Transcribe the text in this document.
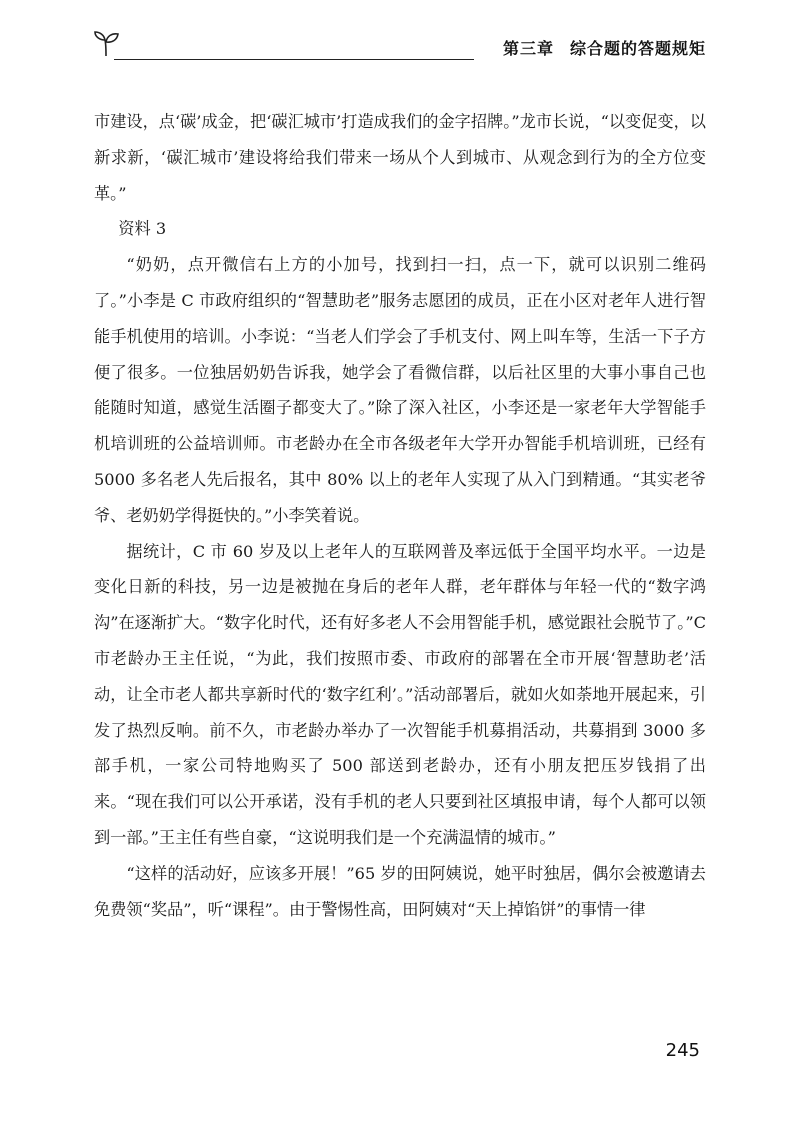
第三章 综合题的答题规矩

市建设，点‘碳’成金，把‘碳汇城市’打造成我们的金字招牌。”龙市长说，“以变促变，以新求新，‘碳汇城市’建设将给我们带来一场从个人到城市、从观念到行为的全方位变革。”

资料 3

“奶奶，点开微信右上方的小加号，找到扫一扫，点一下，就可以识别二维码了。”小李是 C 市政府组织的“智慧助老”服务志愿团的成员，正在小区对老年人进行智能手机使用的培训。小李说：“当老人们学会了手机支付、网上叫车等，生活一下子方便了很多。一位独居奶奶告诉我，她学会了看微信群，以后社区里的大事小事自己也能随时知道，感觉生活圈子都变大了。”除了深入社区，小李还是一家老年大学智能手机培训班的公益培训师。市老龄办在全市各级老年大学开办智能手机培训班，已经有 5000 多名老人先后报名，其中 80% 以上的老年人实现了从入门到精通。“其实老爷爷、老奶奶学得挺快的。”小李笑着说。

据统计，C 市 60 岁及以上老年人的互联网普及率远低于全国平均水平。一边是变化日新的科技，另一边是被抛在身后的老年人群，老年群体与年轻一代的“数字鸿沟”在逐渐扩大。“数字化时代，还有好多老人不会用智能手机，感觉跟社会脱节了。”C 市老龄办王主任说，“为此，我们按照市委、市政府的部署在全市开展‘智慧助老’活动，让全市老人都共享新时代的‘数字红利’。”活动部署后，就如火如荼地开展起来，引发了热烈反响。前不久，市老龄办举办了一次智能手机募捐活动，共募捐到 3000 多部手机，一家公司特地购买了 500 部送到老龄办，还有小朋友把压岁钱捐了出来。“现在我们可以公开承诺，没有手机的老人只要到社区填报申请，每个人都可以领到一部。”王主任有些自豪，“这说明我们是一个充满温情的城市。”

“这样的活动好，应该多开展！”65 岁的田阿姨说，她平时独居，偶尔会被邀请去免费领“奖品”，听“课程”。由于警惕性高，田阿姨对“天上掉馅饼”的事情一律

245
